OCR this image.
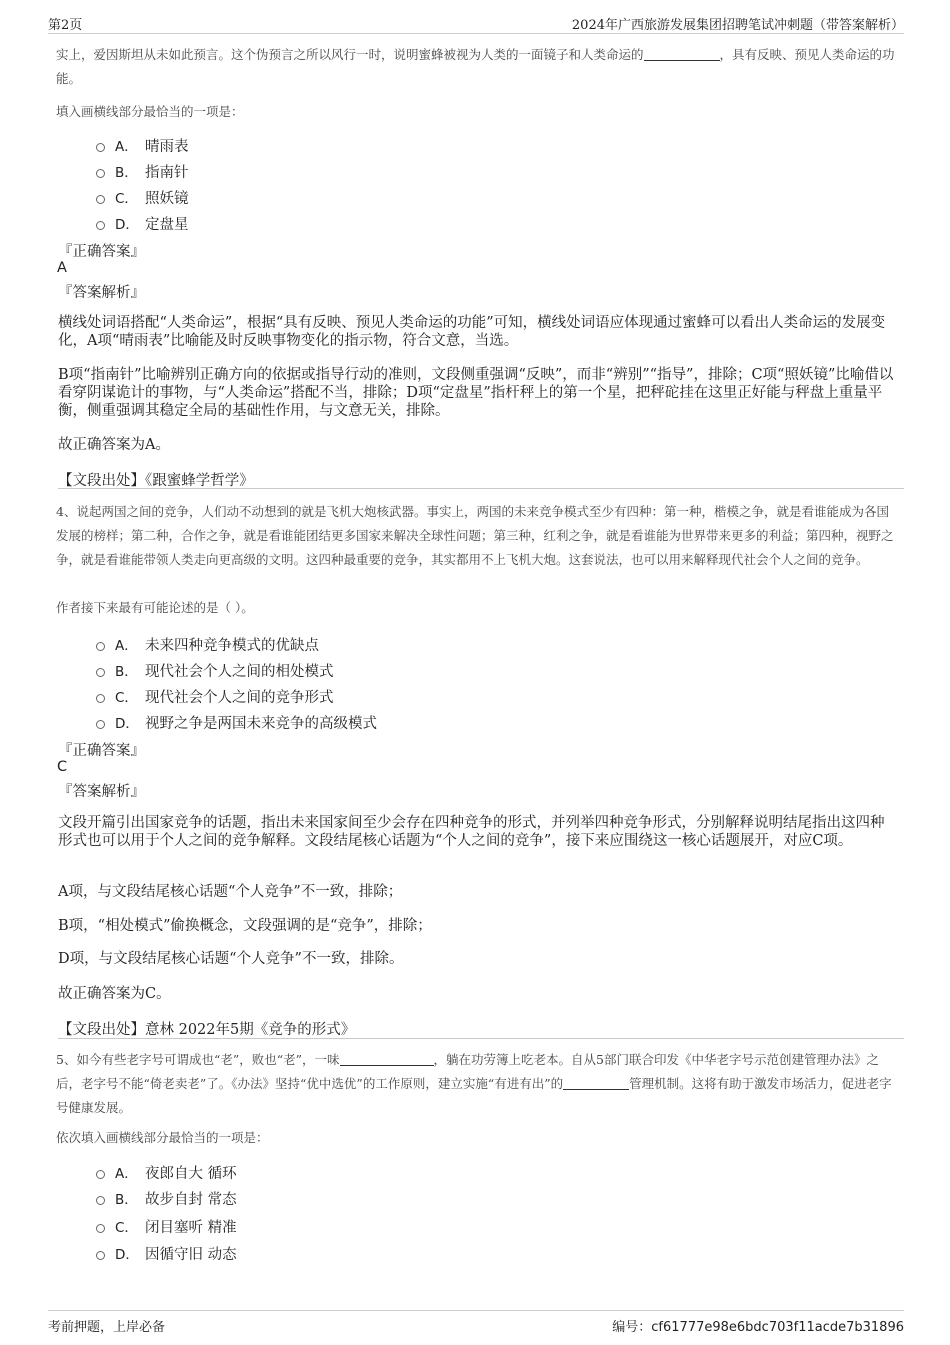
第2页	2024年广西旅游发展集团招聘笔试冲刺题（带答案解析）
实上，爱因斯坦从未如此预言。这个伪预言之所以风行一时，说明蜜蜂被视为人类的一面镜子和人类命运的	，具有反映、预见人类命运的功能。
填入画横线部分最恰当的一项是：
A． 晴雨表
B． 指南针
C． 照妖镜
D． 定盘星
『正确答案』
A
『答案解析』
横线处词语搭配“人类命运”，根据“具有反映、预见人类命运的功能”可知，横线处词语应体现通过蜜蜂可以看出人类命运的发展变化，A项“晴雨表”比喻能及时反映事物变化的指示物，符合文意，当选。
B项“指南针”比喻辨别正确方向的依据或指导行动的准则，文段侧重强调“反映”，而非“辨别”“指导”，排除；C项“照妖镜”比喻借以看穿阴谋诡计的事物，与“人类命运”搭配不当，排除；D项“定盘星”指杆秤上的第一个星，把秤砣挂在这里正好能与秤盘上重量平衡，侧重强调其稳定全局的基础性作用，与文意无关，排除。
故正确答案为A。
【文段出处】《跟蜜蜂学哲学》
4、说起两国之间的竞争，人们动不动想到的就是飞机大炮核武器。事实上，两国的未来竞争模式至少有四种：第一种，楷模之争，就是看谁能成为各国发展的榜样；第二种，合作之争，就是看谁能团结更多国家来解决全球性问题；第三种，红利之争，就是看谁能为世界带来更多的利益；第四种，视野之争，就是看谁能带领人类走向更高级的文明。这四种最重要的竞争，其实都用不上飞机大炮。这套说法，也可以用来解释现代社会个人之间的竞争。
作者接下来最有可能论述的是（ ）。
A． 未来四种竞争模式的优缺点
B． 现代社会个人之间的相处模式
C． 现代社会个人之间的竞争形式
D． 视野之争是两国未来竞争的高级模式
『正确答案』
C
『答案解析』
文段开篇引出国家竞争的话题，指出未来国家间至少会存在四种竞争的形式，并列举四种竞争形式，分别解释说明结尾指出这四种形式也可以用于个人之间的竞争解释。文段结尾核心话题为“个人之间的竞争”，接下来应围绕这一核心话题展开，对应C项。
A项，与文段结尾核心话题“个人竞争”不一致，排除；
B项，“相处模式”偷换概念，文段强调的是“竞争”，排除；
D项，与文段结尾核心话题“个人竞争”不一致，排除。
故正确答案为C。
【文段出处】意林 2022年5期《竞争的形式》
5、如今有些老字号可谓成也“老”，败也“老”，一味	，躺在功劳簿上吃老本。自从5部门联合印发《中华老字号示范创建管理办法》之后，老字号不能“倚老卖老”了。《办法》坚持“优中选优”的工作原则，建立实施“有进有出”的	管理机制。这将有助于激发市场活力，促进老字号健康发展。
依次填入画横线部分最恰当的一项是：
A． 夜郎自大 循环
B． 故步自封 常态
C． 闭目塞听 精准
D． 因循守旧 动态
考前押题，上岸必备	编号：cf61777e98e6bdc703f11acde7b31896
